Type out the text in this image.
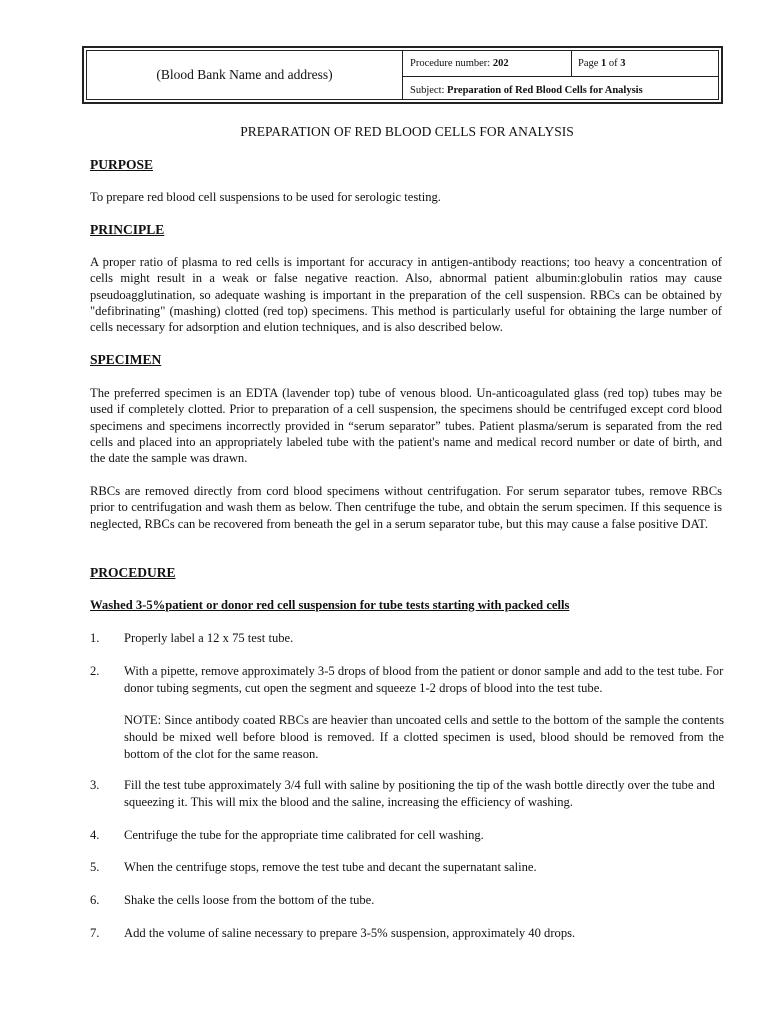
(Blood Bank Name and address)
Procedure number: 202	Page 1 of 3
Subject: Preparation of Red Blood Cells for Analysis
PREPARATION OF RED BLOOD CELLS FOR ANALYSIS
PURPOSE
To prepare red blood cell suspensions to be used for serologic testing.
PRINCIPLE
A proper ratio of plasma to red cells is important for accuracy in antigen-antibody reactions; too heavy a concentration of cells might result in a weak or false negative reaction. Also, abnormal patient albumin:globulin ratios may cause pseudoagglutination, so adequate washing is important in the preparation of the cell suspension. RBCs can be obtained by "defibrinating" (mashing) clotted (red top) specimens. This method is particularly useful for obtaining the large number of cells necessary for adsorption and elution techniques, and is also described below.
SPECIMEN
The preferred specimen is an EDTA (lavender top) tube of venous blood. Un-anticoagulated glass (red top) tubes may be used if completely clotted. Prior to preparation of a cell suspension, the specimens should be centrifuged except cord blood specimens and specimens incorrectly provided in “serum separator” tubes. Patient plasma/serum is separated from the red cells and placed into an appropriately labeled tube with the patient's name and medical record number or date of birth, and the date the sample was drawn.
RBCs are removed directly from cord blood specimens without centrifugation. For serum separator tubes, remove RBCs prior to centrifugation and wash them as below. Then centrifuge the tube, and obtain the serum specimen. If this sequence is neglected, RBCs can be recovered from beneath the gel in a serum separator tube, but this may cause a false positive DAT.
PROCEDURE
Washed 3-5%patient or donor red cell suspension for tube tests starting with packed cells
1. Properly label a 12 x 75 test tube.
2. With a pipette, remove approximately 3-5 drops of blood from the patient or donor sample and add to the test tube. For donor tubing segments, cut open the segment and squeeze 1-2 drops of blood into the test tube.
NOTE: Since antibody coated RBCs are heavier than uncoated cells and settle to the bottom of the sample the contents should be mixed well before blood is removed. If a clotted specimen is used, blood should be removed from the bottom of the clot for the same reason.
3. Fill the test tube approximately 3/4 full with saline by positioning the tip of the wash bottle directly over the tube and squeezing it. This will mix the blood and the saline, increasing the efficiency of washing.
4. Centrifuge the tube for the appropriate time calibrated for cell washing.
5. When the centrifuge stops, remove the test tube and decant the supernatant saline.
6. Shake the cells loose from the bottom of the tube.
7. Add the volume of saline necessary to prepare 3-5% suspension, approximately 40 drops.
